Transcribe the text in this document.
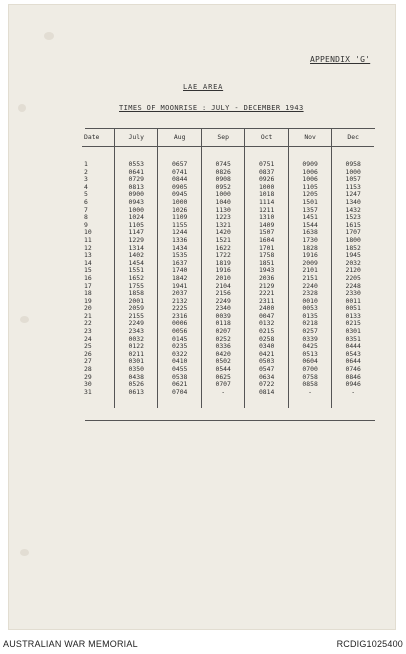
APPENDIX 'G'
LAE AREA
TIMES OF MOONRISE : JULY - DECEMBER 1943
Date	July	Aug	Sep	Oct	Nov	Dec

1	0553	0657	0745	0751	0909	0958
2	0641	0741	0826	0837	1006	1000
3	0729	0844	0908	0926	1006	1057
4	0813	0905	0952	1000	1105	1153
5	0900	0945	1000	1018	1205	1247
6	0943	1000	1040	1114	1501	1340
7	1000	1026	1130	1211	1357	1432
8	1024	1109	1223	1310	1451	1523
9	1105	1155	1321	1409	1544	1615
10	1147	1244	1420	1507	1638	1707
11	1229	1336	1521	1604	1730	1800
12	1314	1434	1622	1701	1828	1852
13	1402	1535	1722	1758	1916	1945
14	1454	1637	1819	1851	2009	2032
15	1551	1740	1916	1943	2101	2120
16	1652	1842	2010	2036	2151	2205
17	1755	1941	2104	2129	2240	2248
18	1858	2037	2156	2221	2328	2330
19	2001	2132	2249	2311	0010	0011
20	2059	2225	2340	2400	0053	0051
21	2155	2316	0039	0047	0135	0133
22	2249	0006	0118	0132	0218	0215
23	2343	0056	0207	0215	0257	0301
24	0032	0145	0252	0258	0339	0351
25	0122	0235	0336	0340	0425	0444
26	0211	0322	0420	0421	0513	0543
27	0301	0410	0502	0503	0604	0644
28	0350	0455	0544	0547	0700	0746
29	0438	0538	0625	0634	0758	0846
30	0526	0621	0707	0722	0858	0946
31	0613	0704	-	0814	-	-

AUSTRALIAN WAR MEMORIAL	RCDIG1025400
